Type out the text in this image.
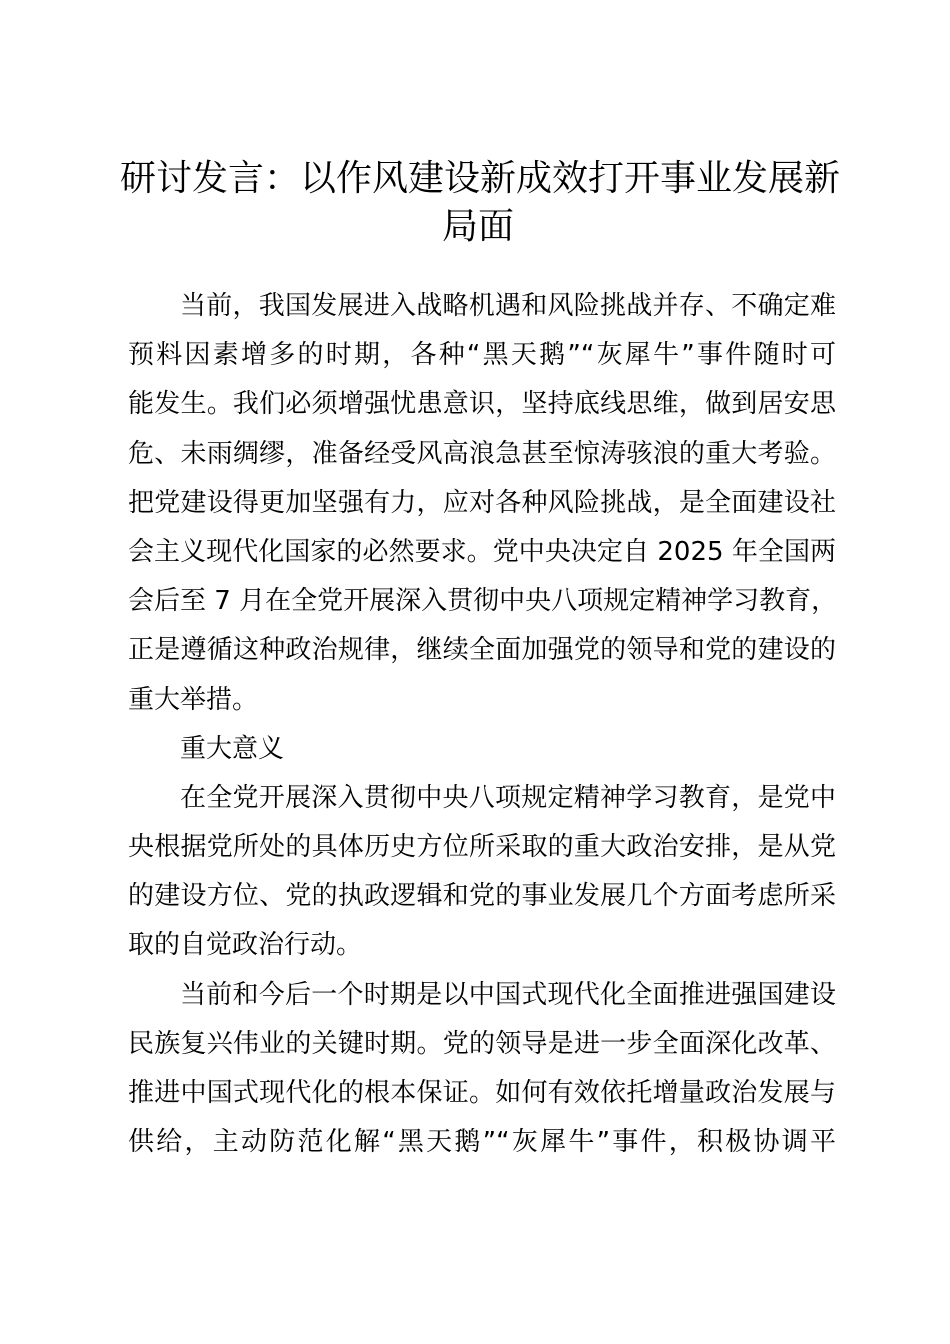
研讨发言：以作风建设新成效打开事业发展新
局面
当前，我国发展进入战略机遇和风险挑战并存、不确定难
预料因素增多的时期，各种“黑天鹅”“灰犀牛”事件随时可
能发生。我们必须增强忧患意识，坚持底线思维，做到居安思
危、未雨绸缪，准备经受风高浪急甚至惊涛骇浪的重大考验。
把党建设得更加坚强有力，应对各种风险挑战，是全面建设社
会主义现代化国家的必然要求。党中央决定自 2025 年全国两
会后至 7 月在全党开展深入贯彻中央八项规定精神学习教育，
正是遵循这种政治规律，继续全面加强党的领导和党的建设的
重大举措。
重大意义
在全党开展深入贯彻中央八项规定精神学习教育，是党中
央根据党所处的具体历史方位所采取的重大政治安排，是从党
的建设方位、党的执政逻辑和党的事业发展几个方面考虑所采
取的自觉政治行动。
当前和今后一个时期是以中国式现代化全面推进强国建设
民族复兴伟业的关键时期。党的领导是进一步全面深化改革、
推进中国式现代化的根本保证。如何有效依托增量政治发展与
供给，主动防范化解“黑天鹅”“灰犀牛”事件，积极协调平
